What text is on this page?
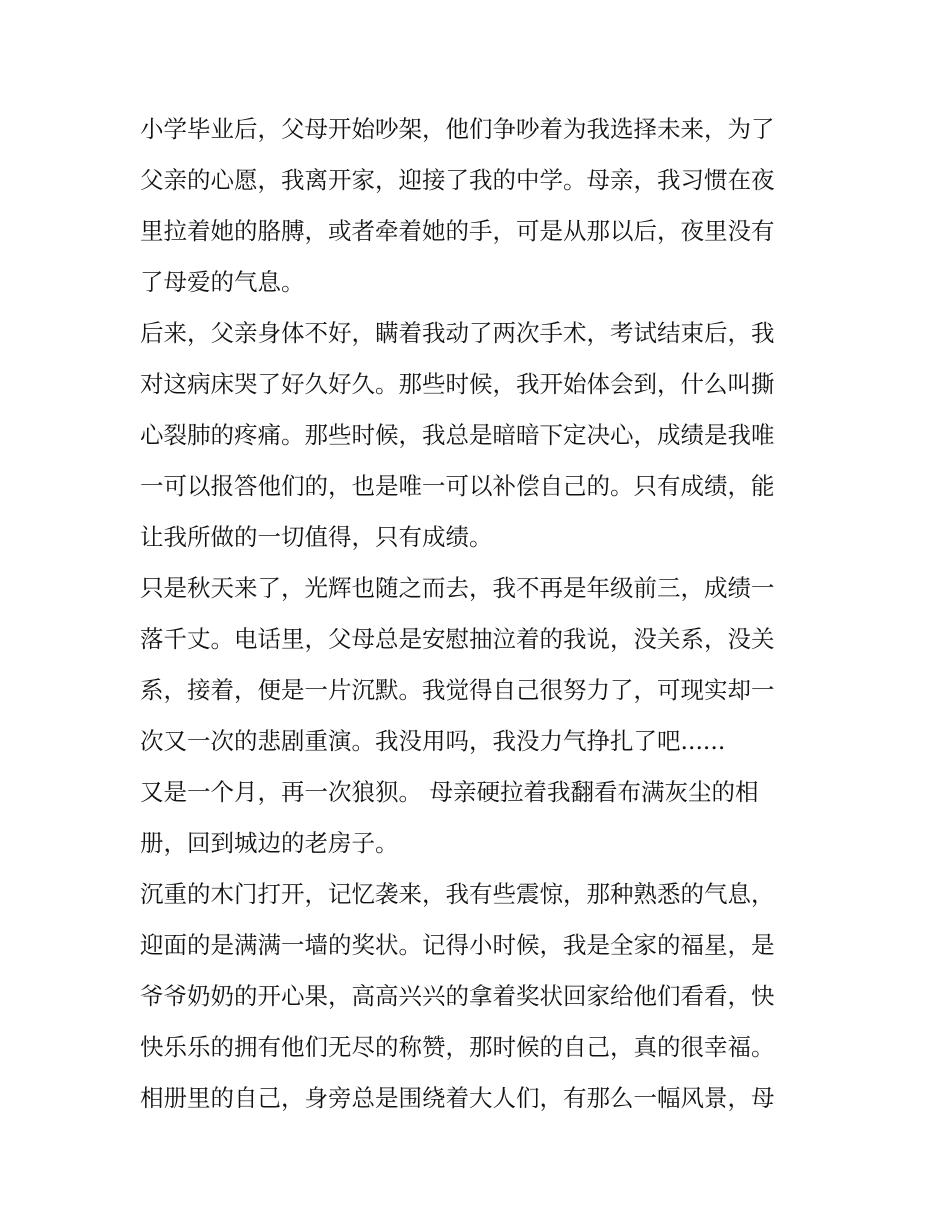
小学毕业后，父母开始吵架，他们争吵着为我选择未来，为了
父亲的心愿，我离开家，迎接了我的中学。母亲，我习惯在夜
里拉着她的胳膊，或者牵着她的手，可是从那以后，夜里没有
了母爱的气息。
后来，父亲身体不好，瞒着我动了两次手术，考试结束后，我
对这病床哭了好久好久。那些时候，我开始体会到，什么叫撕
心裂肺的疼痛。那些时候，我总是暗暗下定决心，成绩是我唯
一可以报答他们的，也是唯一可以补偿自己的。只有成绩，能
让我所做的一切值得，只有成绩。
只是秋天来了，光辉也随之而去，我不再是年级前三，成绩一
落千丈。电话里，父母总是安慰抽泣着的我说，没关系，没关
系，接着，便是一片沉默。我觉得自己很努力了，可现实却一
次又一次的悲剧重演。我没用吗，我没力气挣扎了吧......
又是一个月，再一次狼狈。 母亲硬拉着我翻看布满灰尘的相
册，回到城边的老房子。
沉重的木门打开，记忆袭来，我有些震惊，那种熟悉的气息，
迎面的是满满一墙的奖状。记得小时候，我是全家的福星，是
爷爷奶奶的开心果，高高兴兴的拿着奖状回家给他们看看，快
快乐乐的拥有他们无尽的称赞，那时候的自己，真的很幸福。
相册里的自己，身旁总是围绕着大人们，有那么一幅风景，母
